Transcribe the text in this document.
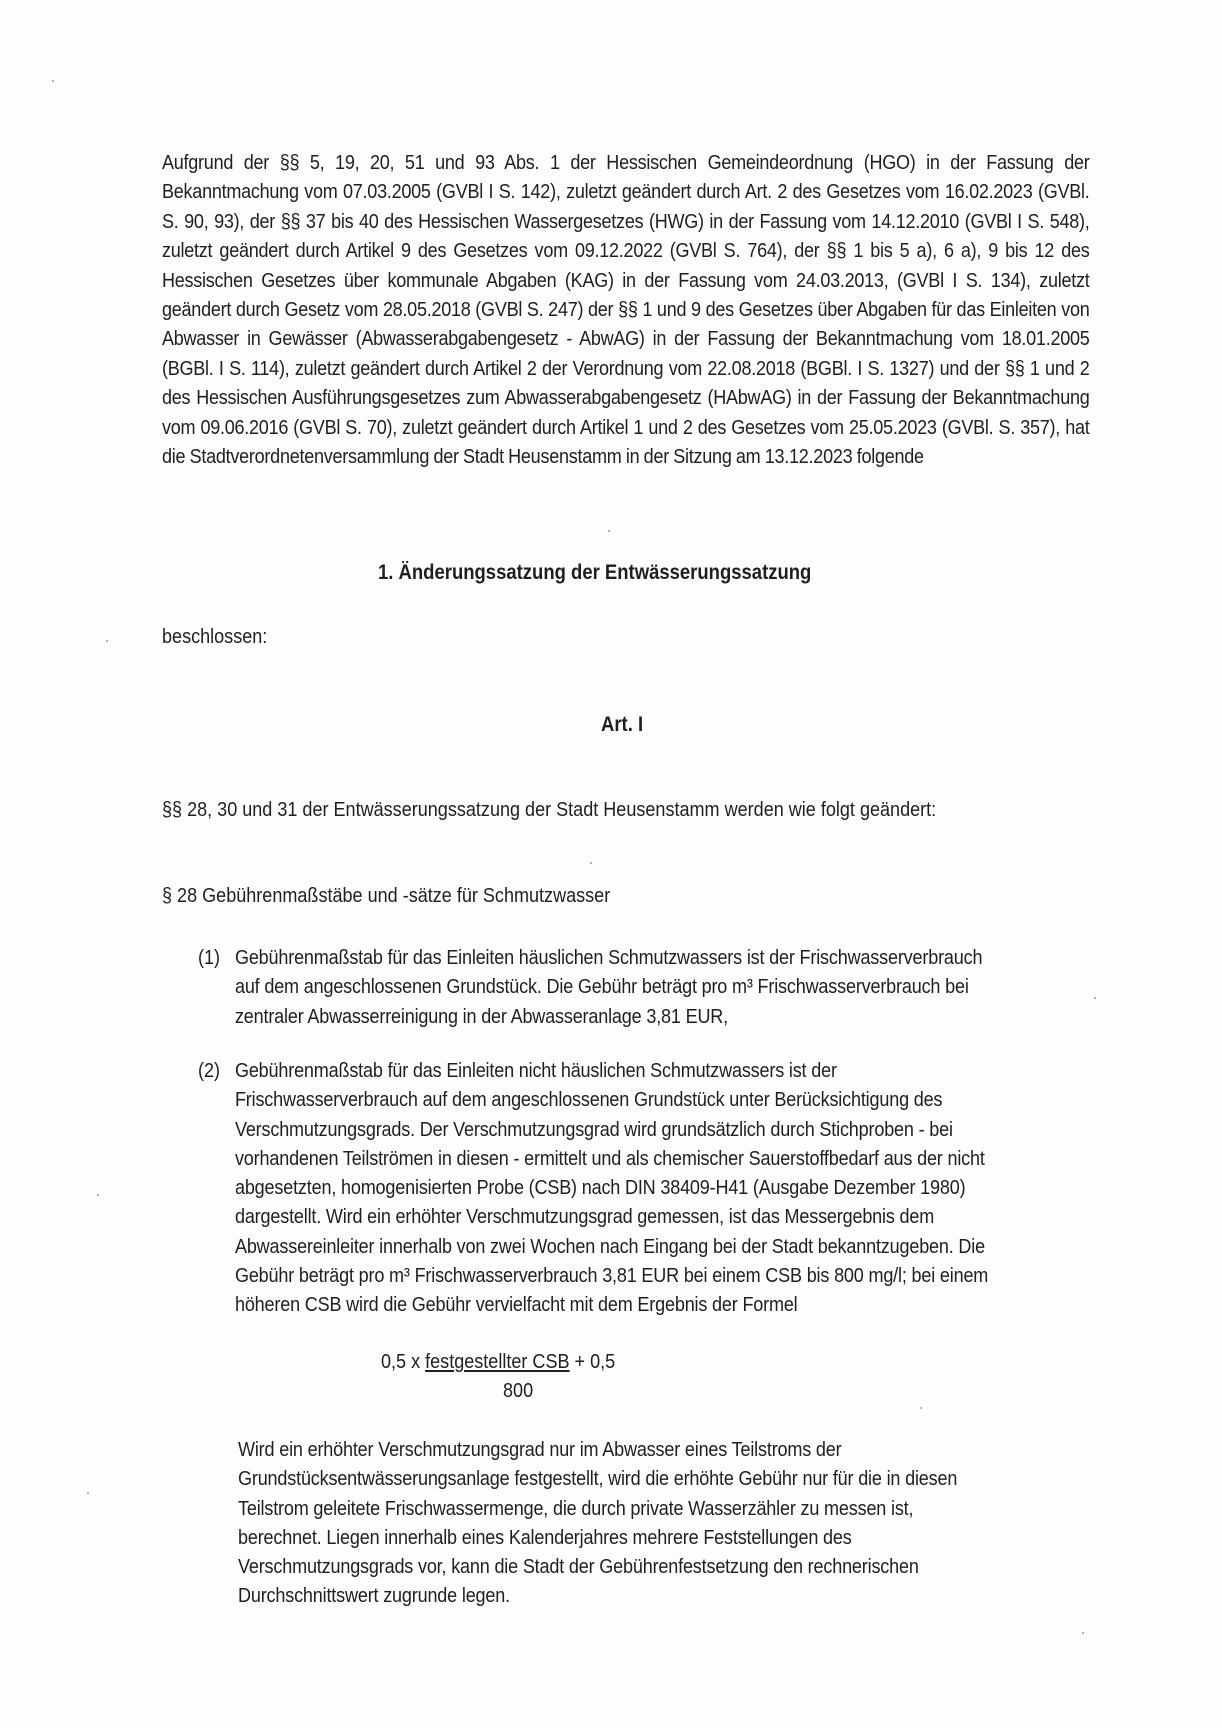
Aufgrund der §§ 5, 19, 20, 51 und 93 Abs. 1 der Hessischen Gemeindeordnung (HGO) in der Fassung der Bekanntmachung vom 07.03.2005 (GVBl I S. 142), zuletzt geändert durch Art. 2 des Gesetzes vom 16.02.2023 (GVBl. S. 90, 93), der §§ 37 bis 40 des Hessischen Wassergesetzes (HWG) in der Fassung vom 14.12.2010 (GVBl I S. 548), zuletzt geändert durch Artikel 9 des Gesetzes vom 09.12.2022 (GVBl S. 764), der §§ 1 bis 5 a), 6 a), 9 bis 12 des Hessischen Gesetzes über kommunale Abgaben (KAG) in der Fassung vom 24.03.2013, (GVBl I S. 134), zuletzt geändert durch Gesetz vom 28.05.2018 (GVBl S. 247) der §§ 1 und 9 des Gesetzes über Abgaben für das Einleiten von Abwasser in Gewässer (Abwasserabgabengesetz - AbwAG) in der Fassung der Bekanntmachung vom 18.01.2005 (BGBl. I S. 114), zuletzt geändert durch Artikel 2 der Verordnung vom 22.08.2018 (BGBl. I S. 1327) und der §§ 1 und 2 des Hessischen Ausführungsgesetzes zum Abwasserabgabengesetz (HAbwAG) in der Fassung der Bekanntmachung vom 09.06.2016 (GVBl S. 70), zuletzt geändert durch Artikel 1 und 2 des Gesetzes vom 25.05.2023 (GVBl. S. 357), hat die Stadtverordnetenversammlung der Stadt Heusenstamm in der Sitzung am 13.12.2023 folgende
1. Änderungssatzung der Entwässerungssatzung
beschlossen:
Art. I
§§ 28, 30 und 31 der Entwässerungssatzung der Stadt Heusenstamm werden wie folgt geändert:
§ 28 Gebührenmaßstäbe und -sätze für Schmutzwasser
(1) Gebührenmaßstab für das Einleiten häuslichen Schmutzwassers ist der Frischwasserverbrauch
auf dem angeschlossenen Grundstück. Die Gebühr beträgt pro m³ Frischwasserverbrauch bei
zentraler Abwasserreinigung in der Abwasseranlage 3,81 EUR,
(2) Gebührenmaßstab für das Einleiten nicht häuslichen Schmutzwassers ist der
Frischwasserverbrauch auf dem angeschlossenen Grundstück unter Berücksichtigung des
Verschmutzungsgrads. Der Verschmutzungsgrad wird grundsätzlich durch Stichproben - bei
vorhandenen Teilströmen in diesen - ermittelt und als chemischer Sauerstoffbedarf aus der nicht
abgesetzten, homogenisierten Probe (CSB) nach DIN 38409-H41 (Ausgabe Dezember 1980)
dargestellt. Wird ein erhöhter Verschmutzungsgrad gemessen, ist das Messergebnis dem
Abwassereinleiter innerhalb von zwei Wochen nach Eingang bei der Stadt bekanntzugeben. Die
Gebühr beträgt pro m³ Frischwasserverbrauch 3,81 EUR bei einem CSB bis 800 mg/l; bei einem
höheren CSB wird die Gebühr vervielfacht mit dem Ergebnis der Formel
0,5 x festgestellter CSB + 0,5
800
Wird ein erhöhter Verschmutzungsgrad nur im Abwasser eines Teilstroms der
Grundstücksentwässerungsanlage festgestellt, wird die erhöhte Gebühr nur für die in diesen
Teilstrom geleitete Frischwassermenge, die durch private Wasserzähler zu messen ist,
berechnet. Liegen innerhalb eines Kalenderjahres mehrere Feststellungen des
Verschmutzungsgrads vor, kann die Stadt der Gebührenfestsetzung den rechnerischen
Durchschnittswert zugrunde legen.
